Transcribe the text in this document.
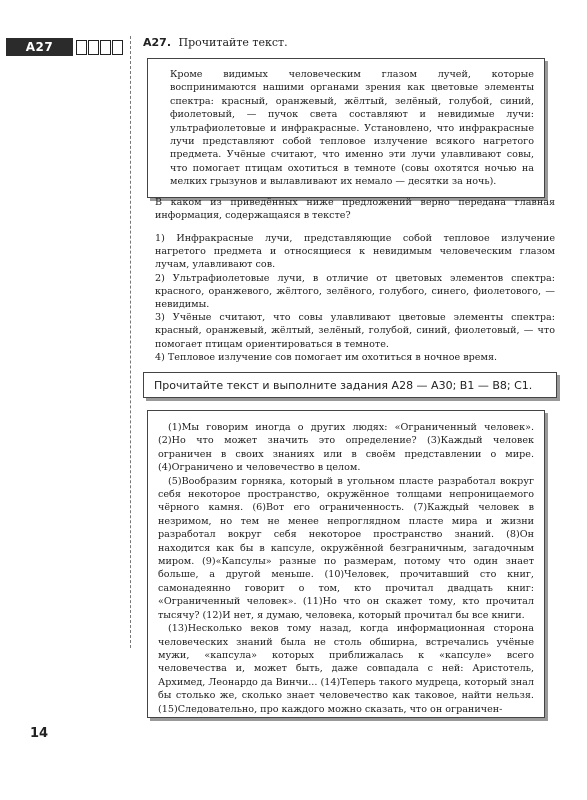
A27	A27. Прочитайте текст.
Кроме видимых человеческим глазом лучей, которые воспринимаются нашими органами зрения как цветовые элементы спектра: красный, оранжевый, жёлтый, зелёный, голубой, синий, фиолетовый, — пучок света составляют и невидимые лучи: ультрафиолетовые и инфракрасные. Установлено, что инфракрасные лучи представляют собой тепловое излучение всякого нагретого предмета. Учёные считают, что именно эти лучи улавливают совы, что помогает птицам охотиться в темноте (совы охотятся ночью на мелких грызунов и вылавливают их немало — десятки за ночь).
В каком из приведённых ниже предложений верно передана главная информация, содержащаяся в тексте?
1) Инфракрасные лучи, представляющие собой тепловое излучение нагретого предмета и относящиеся к невидимым человеческим глазом лучам, улавливают сов.
2) Ультрафиолетовые лучи, в отличие от цветовых элементов спектра: красного, оранжевого, жёлтого, зелёного, голубого, синего, фиолетового, — невидимы.
3) Учёные считают, что совы улавливают цветовые элементы спектра: красный, оранжевый, жёлтый, зелёный, голубой, синий, фиолетовый, — что помогает птицам ориентироваться в темноте.
4) Тепловое излучение сов помогает им охотиться в ночное время.
Прочитайте текст и выполните задания А28 — А30; В1 — В8; С1.

(1)Мы говорим иногда о других людях: «Ограниченный человек». (2)Но что может значить это определение? (3)Каждый человек ограничен в своих знаниях или в своём представлении о мире. (4)Ограничено и человечество в целом.

(5)Вообразим горняка, который в угольном пласте разработал вокруг себя некоторое пространство, окружённое толщами непроницаемого чёрного камня. (6)Вот его ограниченность. (7)Каждый человек в незримом, но тем не менее непроглядном пласте мира и жизни разработал вокруг себя некоторое пространство знаний. (8)Он находится как бы в капсуле, окружённой безграничным, загадочным миром. (9)«Капсулы» разные по размерам, потому что один знает больше, а другой меньше. (10)Человек, прочитавший сто книг, самонадеянно говорит о том, кто прочитал двадцать книг: «Ограниченный человек». (11)Но что он скажет тому, кто прочитал тысячу? (12)И нет, я думаю, человека, который прочитал бы все книги.

(13)Несколько веков тому назад, когда информационная сторона человеческих знаний была не столь обширна, встречались учёные мужи, «капсула» которых приближалась к «капсуле» всего человечества и, может быть, даже совпадала с ней: Аристотель, Архимед, Леонардо да Винчи... (14)Теперь такого мудреца, который знал бы столько же, сколько знает человечество как таковое, найти нельзя. (15)Следовательно, про каждого можно сказать, что он ограничен-

14
